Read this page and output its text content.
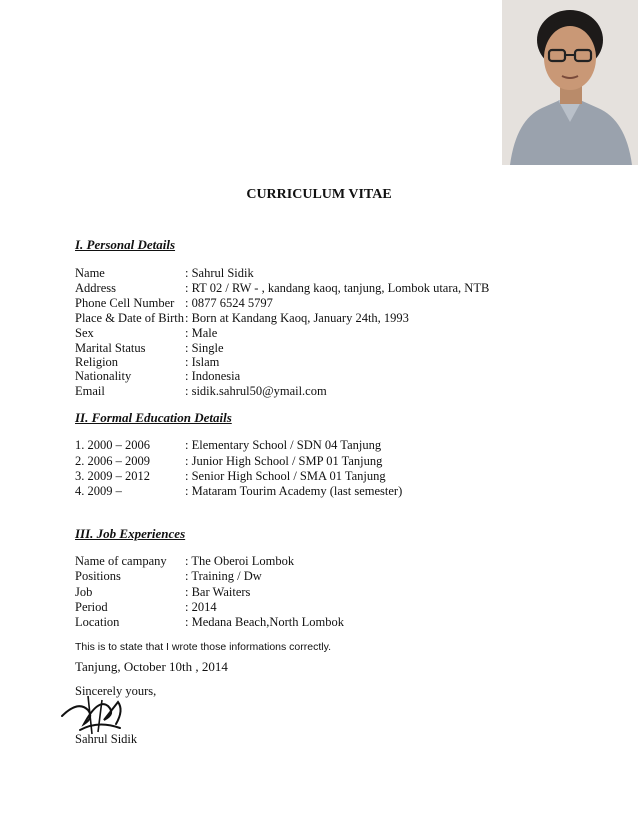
CURRICULUM VITAE
I. Personal Details
Name	: Sahrul Sidik
Address	: RT 02 / RW - , kandang kaoq, tanjung, Lombok utara, NTB
Phone Cell Number : 0877 6524 5797
Place & Date of Birth: Born at Kandang Kaoq, January 24th, 1993
Sex	: Male
Marital Status	: Single
Religion	: Islam
Nationality	: Indonesia
Email	: sidik.sahrul50@ymail.com
II. Formal Education Details
1. 2000 – 2006	: Elementary School / SDN 04 Tanjung
2. 2006 – 2009	: Junior High School / SMP 01 Tanjung
3. 2009 – 2012	: Senior High School / SMA 01 Tanjung
4. 2009 –	: Mataram Tourim Academy (last semester)
III. Job Experiences
Name of campany : The Oberoi Lombok
Positions	: Training / Dw
Job	: Bar Waiters
Period	: 2014
Location	: Medana Beach,North Lombok
This is to state that I wrote those informations correctly.
Tanjung, October 10th , 2014
Sincerely yours,
Sahrul Sidik
